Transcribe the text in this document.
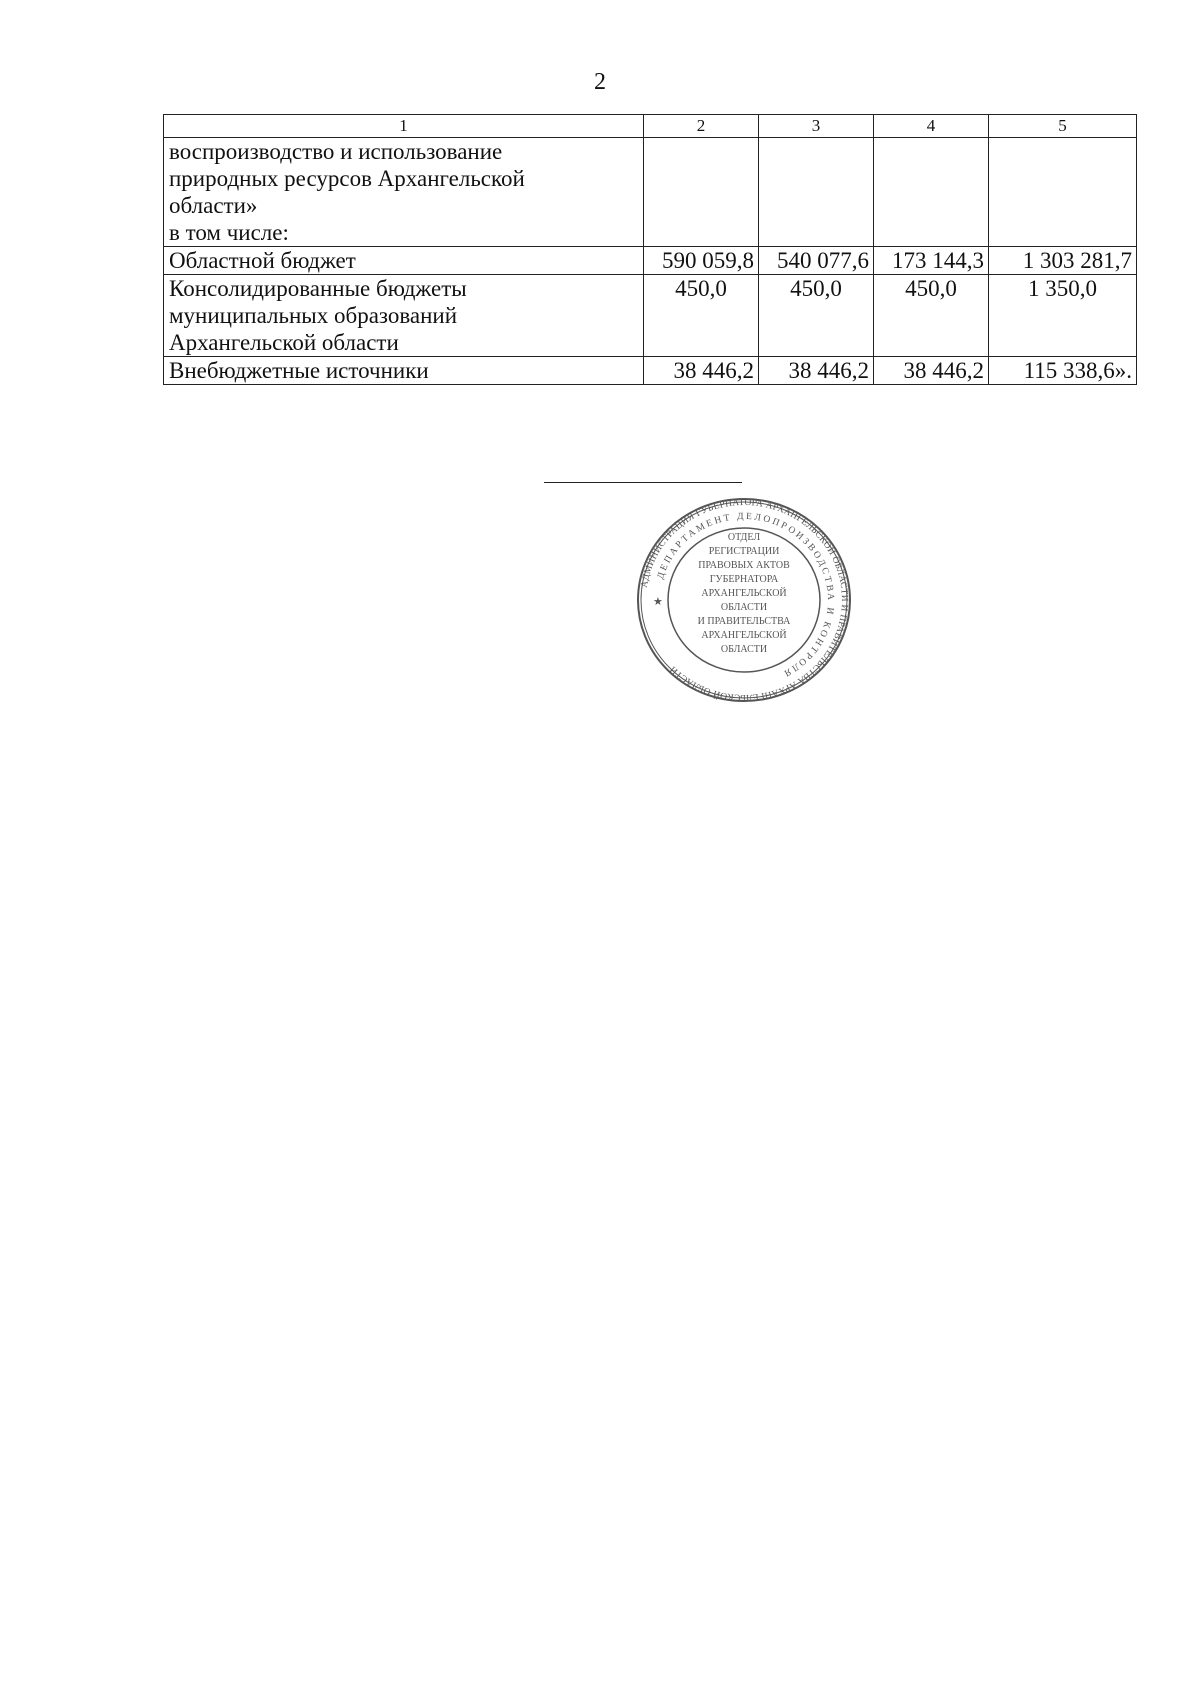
2
1	2	3	4	5

воспроизводство и использование
природных ресурсов Архангельской
области»
в том числе:				

Областной бюджет	590 059,8	540 077,6	173 144,3	1 303 281,7

Консолидированные бюджеты
муниципальных образований
Архангельской области	450,0	450,0	450,0	1 350,0

Внебюджетные источники	38 446,2	38 446,2	38 446,2	115 338,6».
АДМИНИСТРАЦИЯ ГУБЕРНАТОРА АРХАНГЕЛЬСКОЙ ОБЛАСТИ И ПРАВИТЕЛЬСТВА АРХАНГЕЛЬСКОЙ ОБЛАСТИ
ДЕПАРТАМЕНТ ДЕЛОПРОИЗВОДСТВА И КОНТРОЛЯ
ОТДЕЛ
РЕГИСТРАЦИИ
ПРАВОВЫХ АКТОВ
ГУБЕРНАТОРА
АРХАНГЕЛЬСКОЙ
ОБЛАСТИ
И ПРАВИТЕЛЬСТВА
АРХАНГЕЛЬСКОЙ
ОБЛАСТИ
★
